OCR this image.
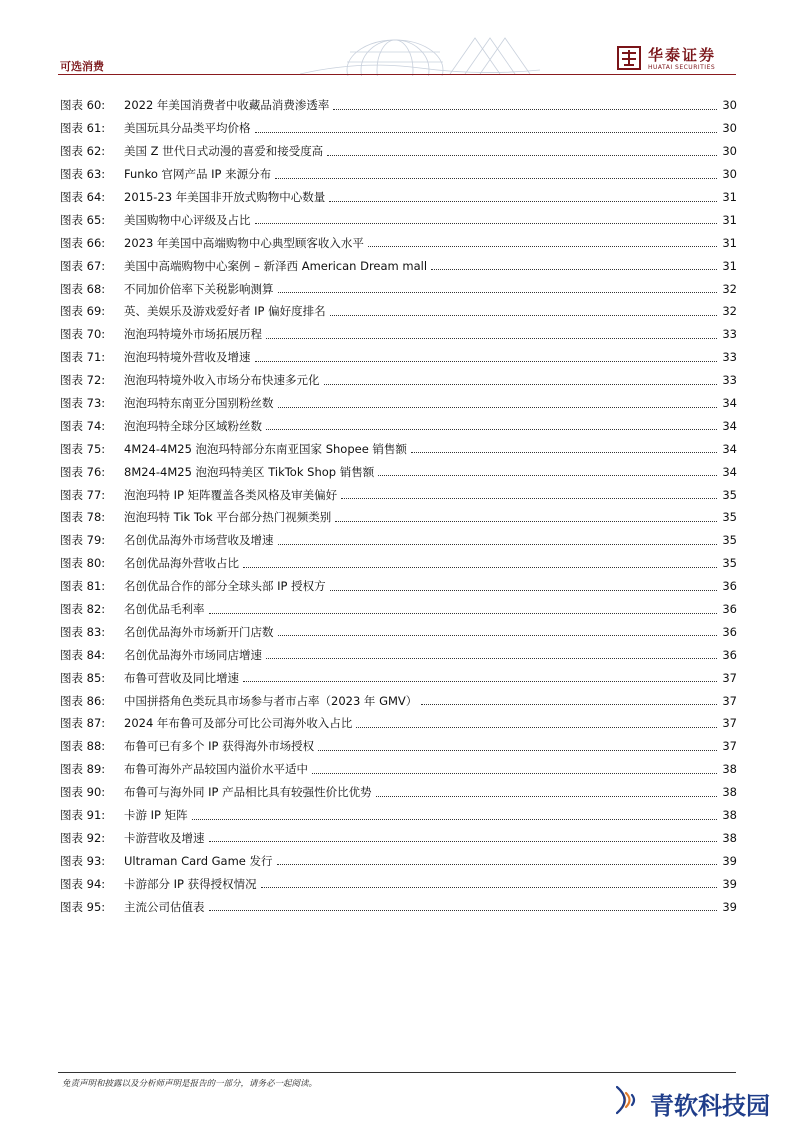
可选消费
华泰证券
HUATAI SECURITIES
图表 60:	2022 年美国消费者中收藏品消费渗透率	30
图表 61:	美国玩具分品类平均价格	30
图表 62:	美国 Z 世代日式动漫的喜爱和接受度高	30
图表 63:	Funko 官网产品 IP 来源分布	30
图表 64:	2015-23 年美国非开放式购物中心数量	31
图表 65:	美国购物中心评级及占比	31
图表 66:	2023 年美国中高端购物中心典型顾客收入水平	31
图表 67:	美国中高端购物中心案例 – 新泽西 American Dream mall	31
图表 68:	不同加价倍率下关税影响测算	32
图表 69:	英、美娱乐及游戏爱好者 IP 偏好度排名	32
图表 70:	泡泡玛特境外市场拓展历程	33
图表 71:	泡泡玛特境外营收及增速	33
图表 72:	泡泡玛特境外收入市场分布快速多元化	33
图表 73:	泡泡玛特东南亚分国别粉丝数	34
图表 74:	泡泡玛特全球分区域粉丝数	34
图表 75:	4M24-4M25 泡泡玛特部分东南亚国家 Shopee 销售额	34
图表 76:	8M24-4M25 泡泡玛特美区 TikTok Shop 销售额	34
图表 77:	泡泡玛特 IP 矩阵覆盖各类风格及审美偏好	35
图表 78:	泡泡玛特 Tik Tok 平台部分热门视频类别	35
图表 79:	名创优品海外市场营收及增速	35
图表 80:	名创优品海外营收占比	35
图表 81:	名创优品合作的部分全球头部 IP 授权方	36
图表 82:	名创优品毛利率	36
图表 83:	名创优品海外市场新开门店数	36
图表 84:	名创优品海外市场同店增速	36
图表 85:	布鲁可营收及同比增速	37
图表 86:	中国拼搭角色类玩具市场参与者市占率（2023 年 GMV）	37
图表 87:	2024 年布鲁可及部分可比公司海外收入占比	37
图表 88:	布鲁可已有多个 IP 获得海外市场授权	37
图表 89:	布鲁可海外产品较国内溢价水平适中	38
图表 90:	布鲁可与海外同 IP 产品相比具有较强性价比优势	38
图表 91:	卡游 IP 矩阵	38
图表 92:	卡游营收及增速	38
图表 93:	Ultraman Card Game 发行	39
图表 94:	卡游部分 IP 获得授权情况	39
图表 95:	主流公司估值表	39
免责声明和披露以及分析师声明是报告的一部分，请务必一起阅读。
青软科技园
